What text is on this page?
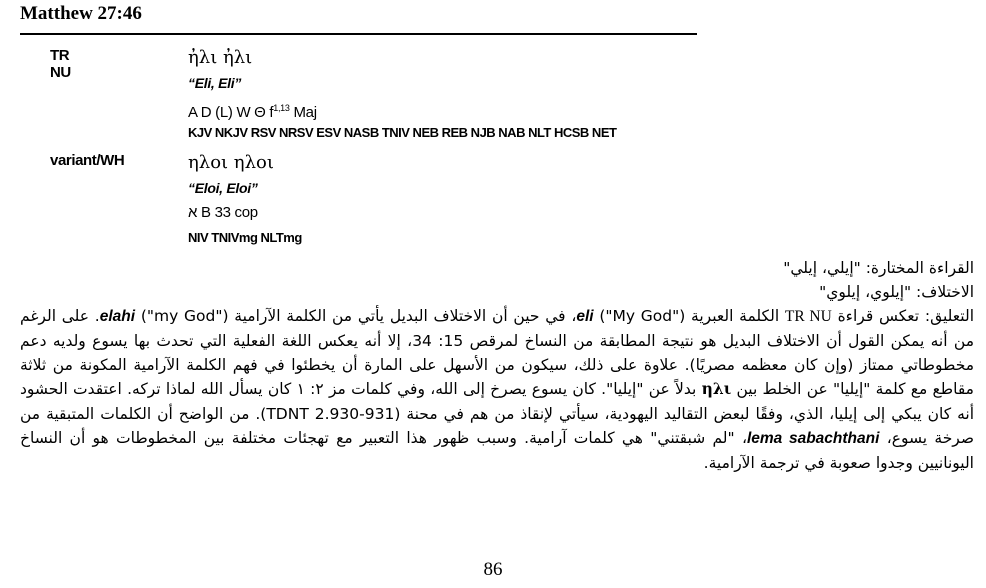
Matthew 27:46
TR NU
ἠλι ἠλι
“Eli, Eli”
A D (L) W Θ $f^{1,13}$ Maj
KJV NKJV RSV NRSV ESV NASB TNIV NEB REB NJB NAB NLT HCSB NET
variant/WH	ηλοι ηλοι
“Eloi, Eloi”
א B 33 cop
NIV TNIVmg NLTmg

القراءة المختارة: "إيلي، إيلي"

الاختلاف: "إيلوي، إيلوي"

التعليق: تعكس قراءة TR NU الكلمة العبرية eli ("My God")، في حين أن الاختلاف البديل يأتي من الكلمة الآرامية elahi ("my God"). على الرغم من أنه يمكن القول أن الاختلاف البديل هو نتيجة المطابقة من النساخ لمرقص 15: 34، إلا أنه يعكس اللغة الفعلية التي تحدث بها يسوع ولديه دعم مخطوطاتي ممتاز (وإن كان معظمه مصريًا). علاوة على ذلك، سيكون من الأسهل على المارة أن يخطئوا في فهم الكلمة الآرامية المكونة من ثلاثة مقاطع مع كلمة "إيليا" عن الخلط بين ηλι بدلاً عن "إيليا". كان يسوع يصرخ إلى الله، وفي كلمات مز ٢: ١ كان يسأل الله لماذا تركه. اعتقدت الحشود أنه كان يبكي إلى إيليا، الذي، وفقًا لبعض التقاليد اليهودية، سيأتي لإنقاذ من هم في محنة (TDNT 2.930-931). من الواضح أن الكلمات المتبقية من صرخة يسوع، lema sabachthani، "لم شبقتني" هي كلمات آرامية. وسبب ظهور هذا التعبير مع تهجئات مختلفة بين المخطوطات هو أن النساخ اليونانيين وجدوا صعوبة في ترجمة الآرامية.

86
